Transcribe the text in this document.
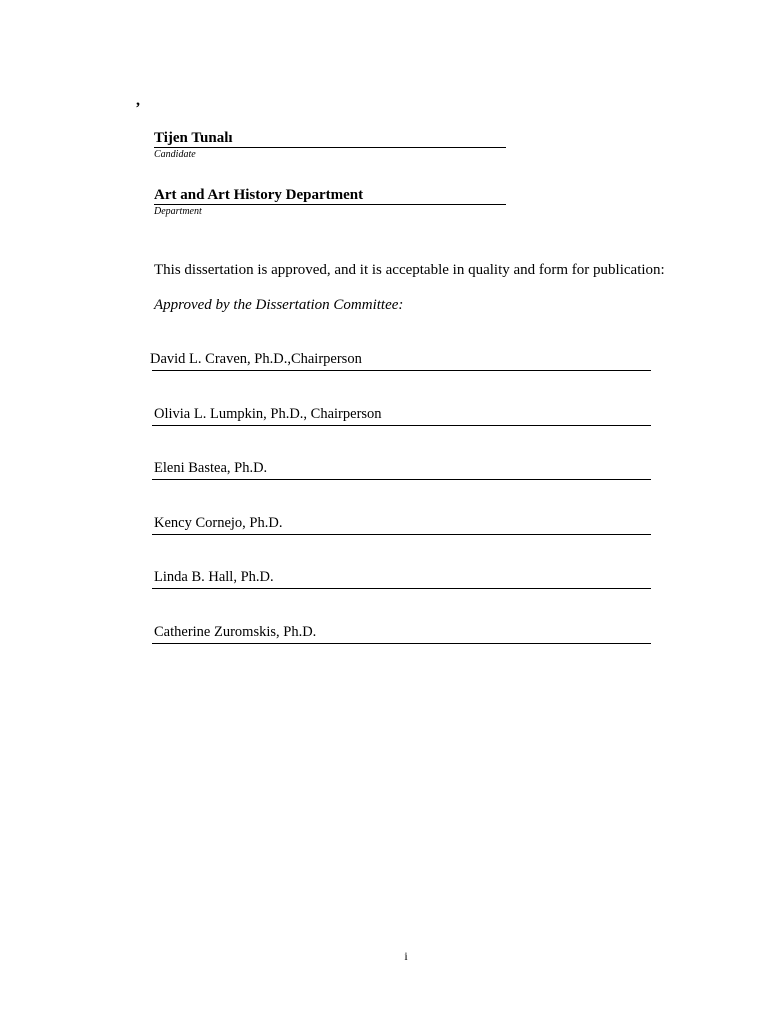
,
Tijen Tunalı
Candidate
Art and Art History Department
Department
This dissertation is approved, and it is acceptable in quality and form for publication:
Approved by the Dissertation Committee:
David L. Craven, Ph.D.,Chairperson
Olivia L. Lumpkin, Ph.D., Chairperson
Eleni Bastea, Ph.D.
Kency Cornejo, Ph.D.
Linda B. Hall, Ph.D.
Catherine Zuromskis, Ph.D.
i
